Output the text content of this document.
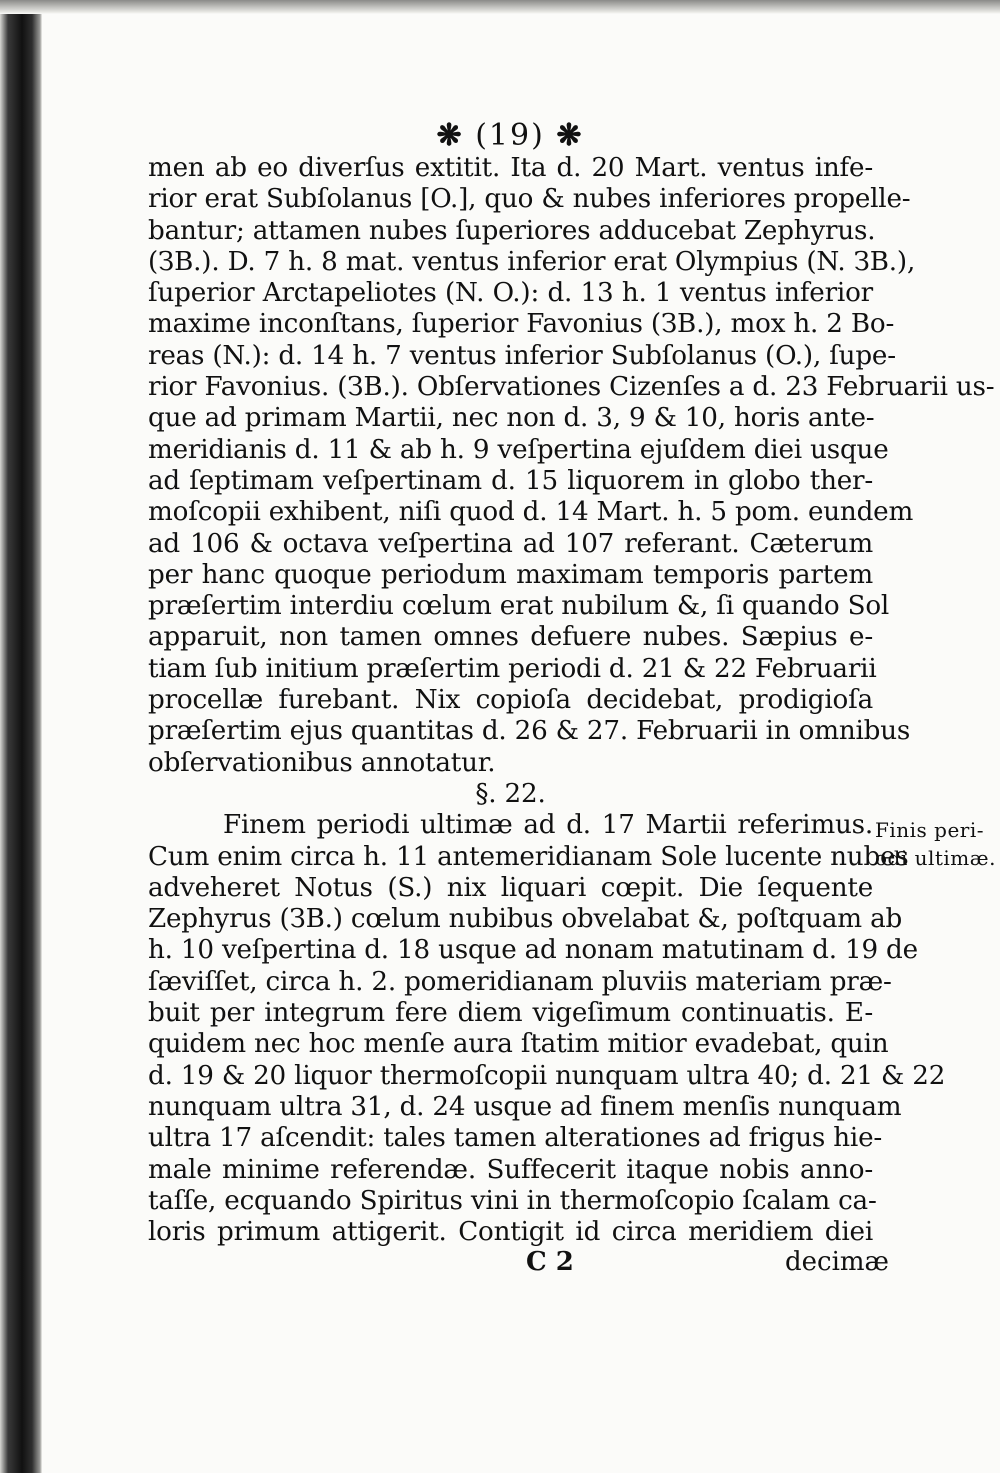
❋ (19) ❋
men ab eo diverſus extitit. Ita d. 20 Mart. ventus infe-
rior erat Subſolanus [O.], quo & nubes inferiores propelle-
bantur; attamen nubes ſuperiores adducebat Zephyrus.
(ЗB.). D. 7 h. 8 mat. ventus inferior erat Olympius (N. ЗB.),
ſuperior Arctapeliotes (N. O.): d. 13 h. 1 ventus inferior
maxime inconſtans, ſuperior Favonius (ЗB.), mox h. 2 Bo-
reas (N.): d. 14 h. 7 ventus inferior Subſolanus (O.), ſupe-
rior Favonius. (ЗB.). Obſervationes Cizenſes a d. 23 Februarii us-
que ad primam Martii, nec non d. 3, 9 & 10, horis ante-
meridianis d. 11 & ab h. 9 veſpertina ejuſdem diei usque
ad ſeptimam veſpertinam d. 15 liquorem in globo ther-
moſcopii exhibent, niſi quod d. 14 Mart. h. 5 pom. eundem
ad 106 & octava veſpertina ad 107 referant. Cæterum
per hanc quoque periodum maximam temporis partem
præſertim interdiu cœlum erat nubilum &, ſi quando Sol
apparuit, non tamen omnes defuere nubes. Sæpius e-
tiam ſub initium præſertim periodi d. 21 & 22 Februarii
procellæ furebant. Nix copioſa decidebat, prodigioſa
præſertim ejus quantitas d. 26 & 27. Februarii in omnibus
obſervationibus annotatur.
§. 22.
Finem periodi ultimæ ad d. 17 Martii referimus.
Cum enim circa h. 11 antemeridianam Sole lucente nubes
adveheret Notus (S.) nix liquari cœpit. Die ſequente
Zephyrus (ЗB.) cœlum nubibus obvelabat &, poſtquam ab
h. 10 veſpertina d. 18 usque ad nonam matutinam d. 19 de
ſæviſſet, circa h. 2. pomeridianam pluviis materiam præ-
buit per integrum fere diem vigeſimum continuatis. E-
quidem nec hoc menſe aura ſtatim mitior evadebat, quin
d. 19 & 20 liquor thermoſcopii nunquam ultra 40; d. 21 & 22
nunquam ultra 31, d. 24 usque ad finem menſis nunquam
ultra 17 aſcendit: tales tamen alterationes ad frigus hie-
male minime referendæ. Suffecerit itaque nobis anno-
taſſe, ecquando Spiritus vini in thermoſcopio ſcalam ca-
loris primum attigerit. Contigit id circa meridiem diei
Finis peri-
odi ultimæ.
C 2	decimæ
